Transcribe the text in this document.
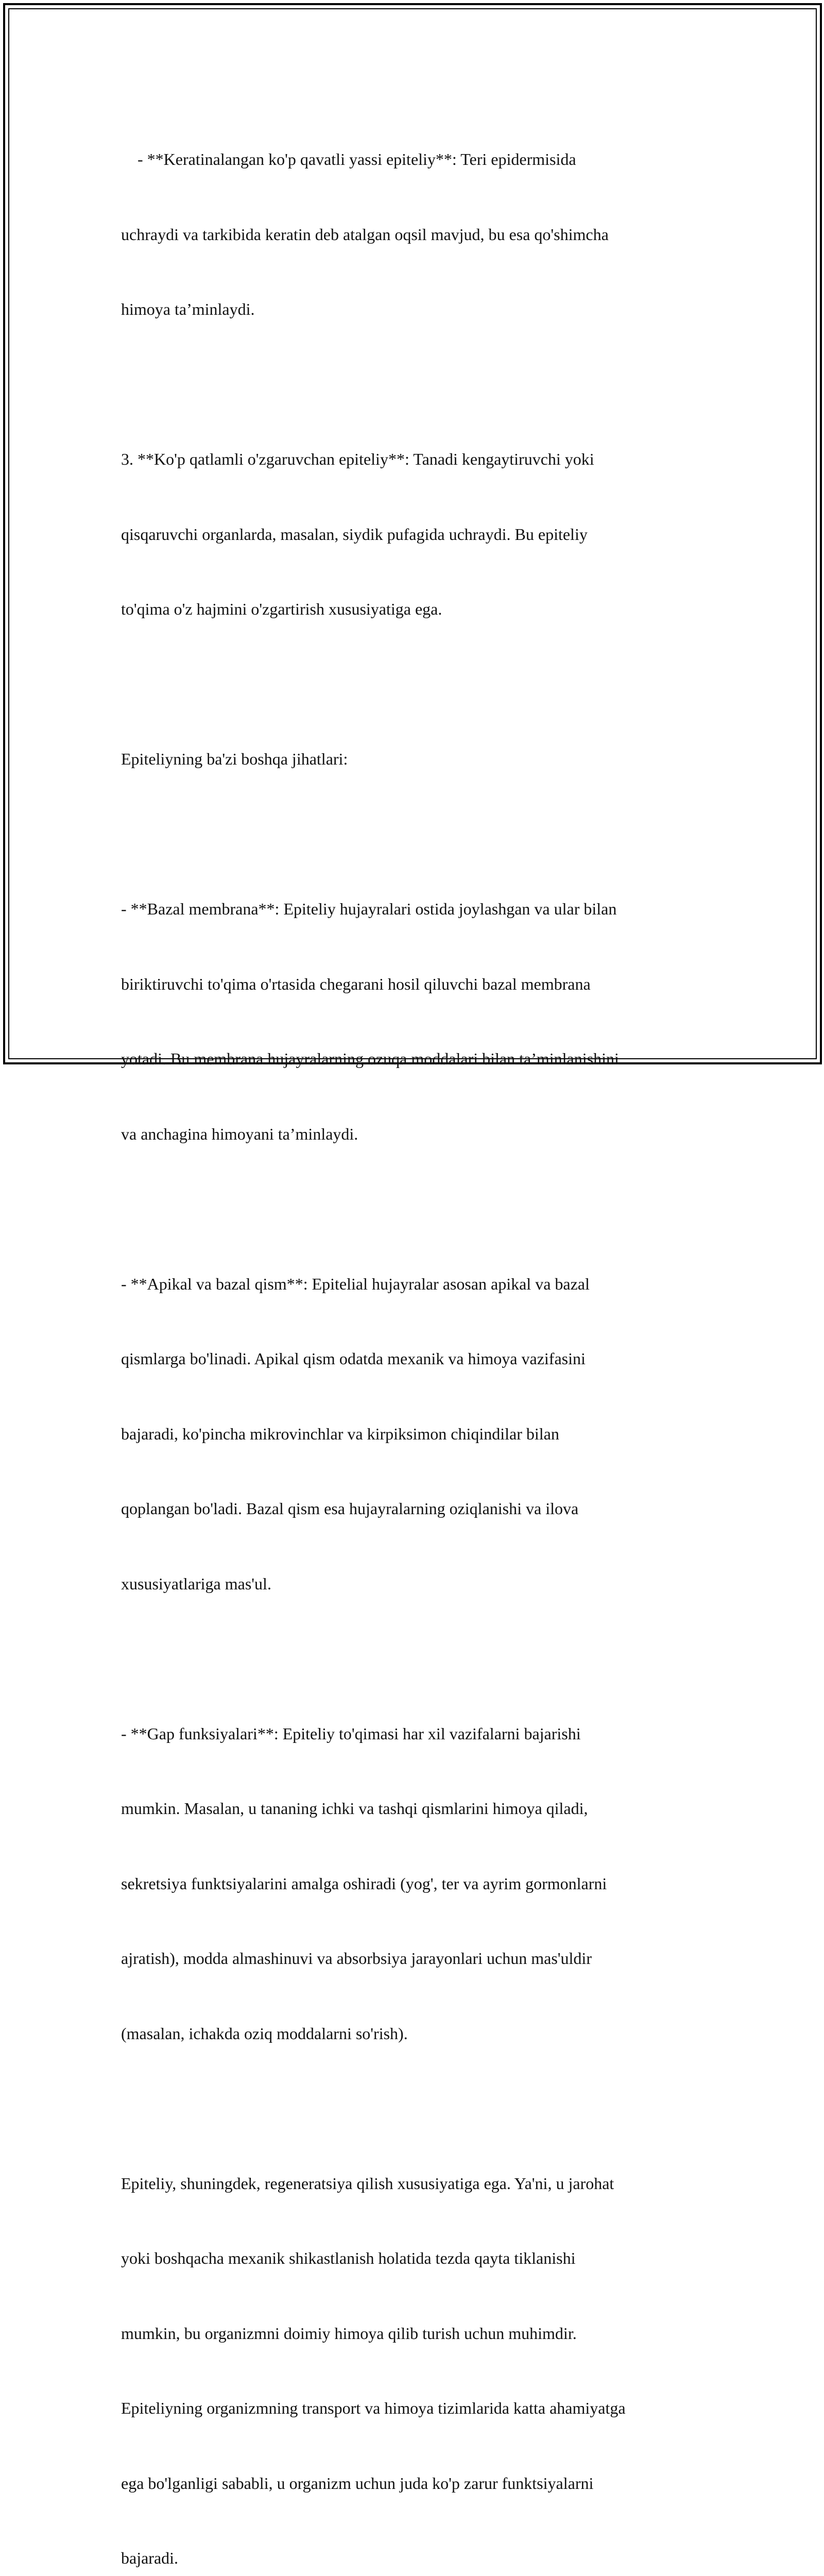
- **Keratinalangan ko'p qavatli yassi epiteliy**: Teri epidermisida

uchraydi va tarkibida keratin deb atalgan oqsil mavjud, bu esa qo'shimcha

himoya ta’minlaydi.

3. **Ko'p qatlamli o'zgaruvchan epiteliy**: Tanadi kengaytiruvchi yoki

qisqaruvchi organlarda, masalan, siydik pufagida uchraydi. Bu epiteliy

to'qima o'z hajmini o'zgartirish xususiyatiga ega.

Epiteliyning ba'zi boshqa jihatlari:

- **Bazal membrana**: Epiteliy hujayralari ostida joylashgan va ular bilan

biriktiruvchi to'qima o'rtasida chegarani hosil qiluvchi bazal membrana

yotadi. Bu membrana hujayralarning ozuqa moddalari bilan ta’minlanishini

va anchagina himoyani ta’minlaydi.

- **Apikal va bazal qism**: Epitelial hujayralar asosan apikal va bazal

qismlarga bo'linadi. Apikal qism odatda mexanik va himoya vazifasini

bajaradi, ko'pincha mikrovinchlar va kirpiksimon chiqindilar bilan

qoplangan bo'ladi. Bazal qism esa hujayralarning oziqlanishi va ilova

xususiyatlariga mas'ul.

- **Gap funksiyalari**: Epiteliy to'qimasi har xil vazifalarni bajarishi

mumkin. Masalan, u tananing ichki va tashqi qismlarini himoya qiladi,

sekretsiya funktsiyalarini amalga oshiradi (yog', ter va ayrim gormonlarni

ajratish), modda almashinuvi va absorbsiya jarayonlari uchun mas'uldir

(masalan, ichakda oziq moddalarni so'rish).

Epiteliy, shuningdek, regeneratsiya qilish xususiyatiga ega. Ya'ni, u jarohat

yoki boshqacha mexanik shikastlanish holatida tezda qayta tiklanishi

mumkin, bu organizmni doimiy himoya qilib turish uchun muhimdir.

Epiteliyning organizmning transport va himoya tizimlarida katta ahamiyatga

ega bo'lganligi sababli, u organizm uchun juda ko'p zarur funktsiyalarni

bajaradi.
